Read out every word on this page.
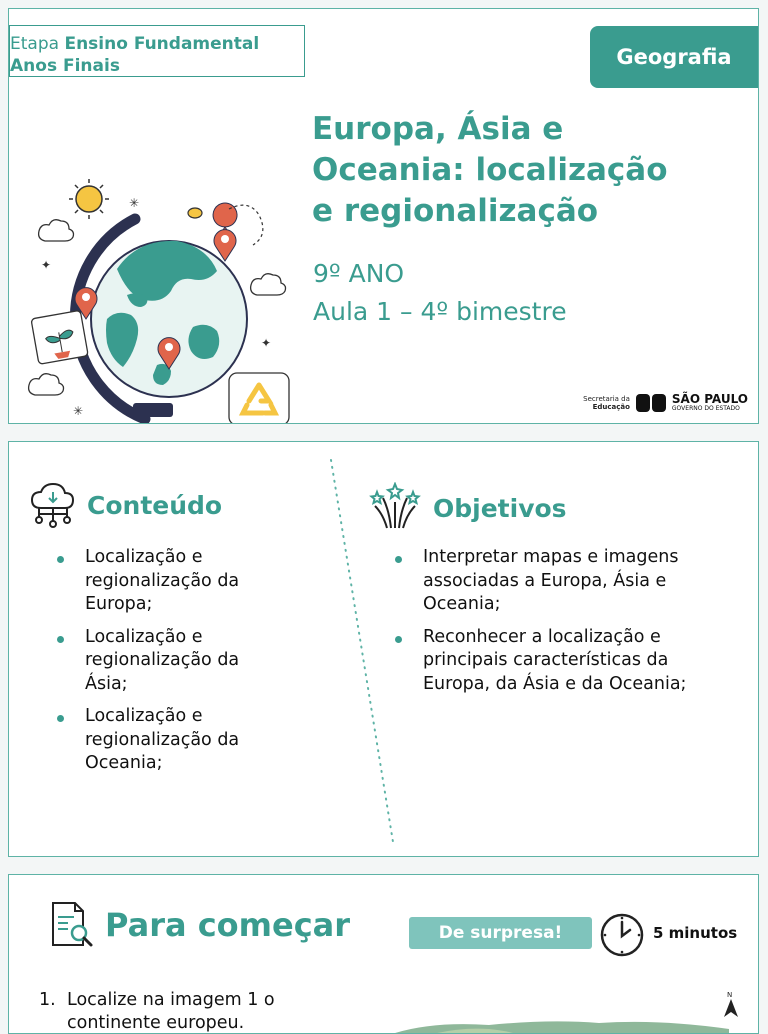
Etapa Ensino Fundamental
Anos Finais	Geografia
Europa, Ásia e
Oceania: localização
e regionalização
9º ANO
Aula 1 – 4º bimestre
✳
✦
✦
✳
Secretaria da
Educação
SÃO PAULO
GOVERNO DO ESTADO
Conteúdo
Localização e regionalização da Europa;
Localização e regionalização da Ásia;
Localização e regionalização da Oceania;
Objetivos
Interpretar mapas e imagens associadas a Europa, Ásia e Oceania;
Reconhecer a localização e principais características da Europa, da Ásia e da Oceania;
Para começar	De surpresa!	5 minutos
1. Localize na imagem 1 o
continente europeu.
N
